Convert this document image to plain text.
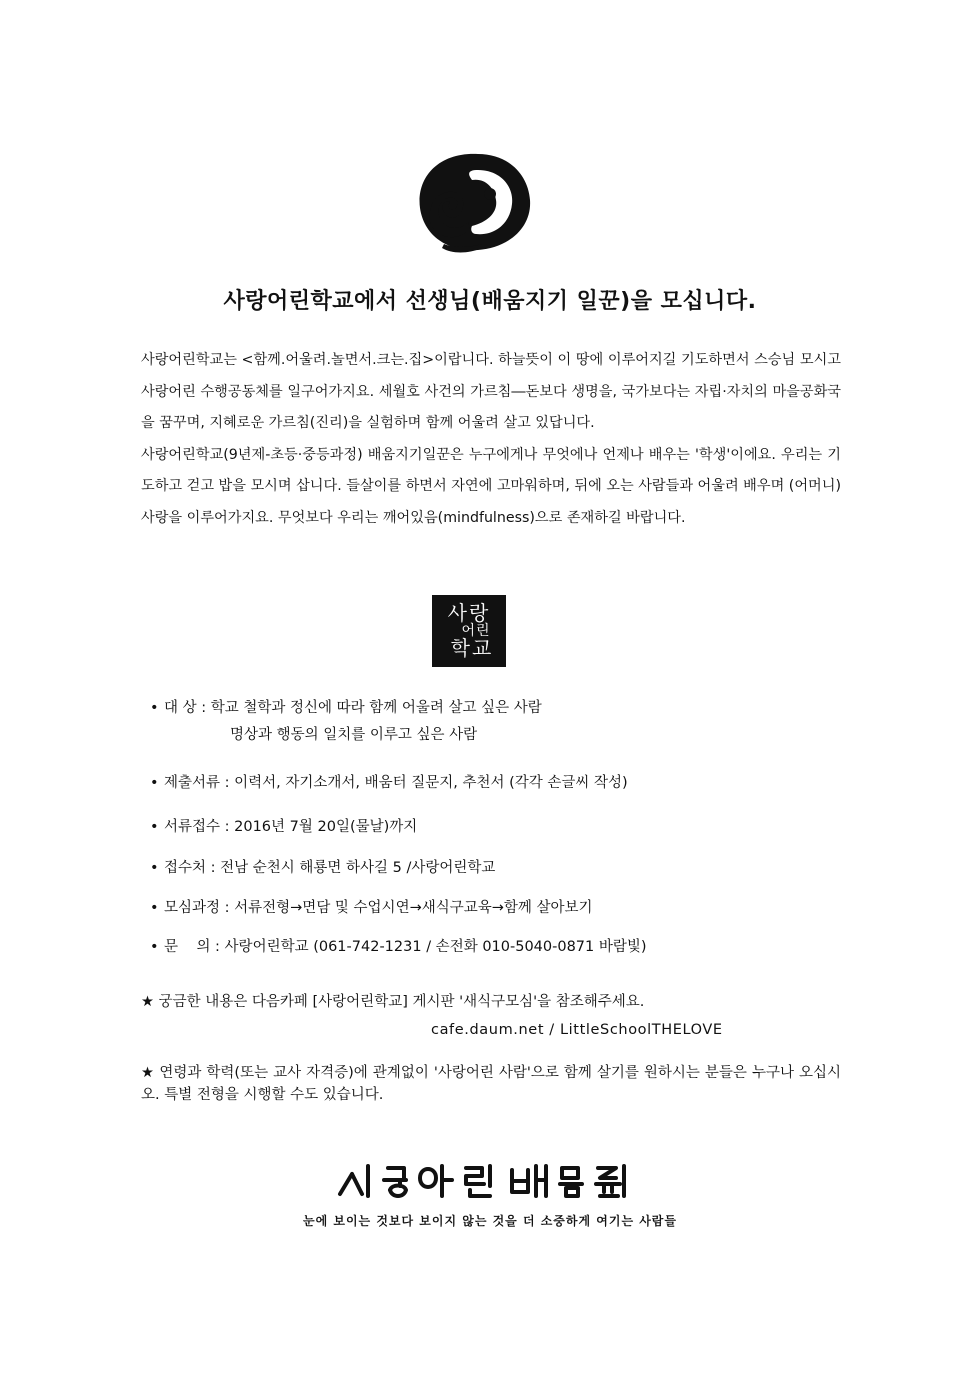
사랑어린학교에서 선생님(배움지기 일꾼)을 모십니다.

사랑어린학교는 <함께.어울려.놀면서.크는.집>이랍니다. 하늘뜻이 이 땅에 이루어지길 기도하면서 스승님 모시고 사랑어린 수행공동체를 일구어가지요. 세월호 사건의 가르침―돈보다 생명을, 국가보다는 자립·자치의 마을공화국을 꿈꾸며, 지혜로운 가르침(진리)을 실험하며 함께 어울려 살고 있답니다.

사랑어린학교(9년제-초등·중등과정) 배움지기일꾼은 누구에게나 무엇에나 언제나 배우는 '학생'이에요. 우리는 기도하고 걷고 밥을 모시며 삽니다. 들살이를 하면서 자연에 고마워하며, 뒤에 오는 사람들과 어울려 배우며 (어머니)사랑을 이루어가지요. 무엇보다 우리는 깨어있음(mindfulness)으로 존재하길 바랍니다.

사랑
어린
학교
• 대 상 : 학교 철학과 정신에 따라 함께 어울려 살고 싶은 사람
명상과 행동의 일치를 이루고 싶은 사람
• 제출서류 : 이력서, 자기소개서, 배움터 질문지, 추천서 (각각 손글씨 작성)
• 서류접수 : 2016년 7월 20일(물날)까지
• 접수처 : 전남 순천시 해룡면 하사길 5 /사랑어린학교
• 모심과정 : 서류전형→면담 및 수업시연→새식구교육→함께 살아보기
• 문    의 : 사랑어린학교 (061-742-1231 / 손전화 010-5040-0871 바람빛)

★ 궁금한 내용은 다음카페 [사랑어린학교] 게시판 '새식구모심'을 참조해주세요.

cafe.daum.net / LittleSchoolTHELOVE

★ 연령과 학력(또는 교사 자격증)에 관계없이 '사랑어린 사람'으로 함께 살기를 원하시는 분들은 누구나 오십시오. 특별 전형을 시행할 수도 있습니다.

눈에 보이는 것보다 보이지 않는 것을 더 소중하게 여기는 사람들
